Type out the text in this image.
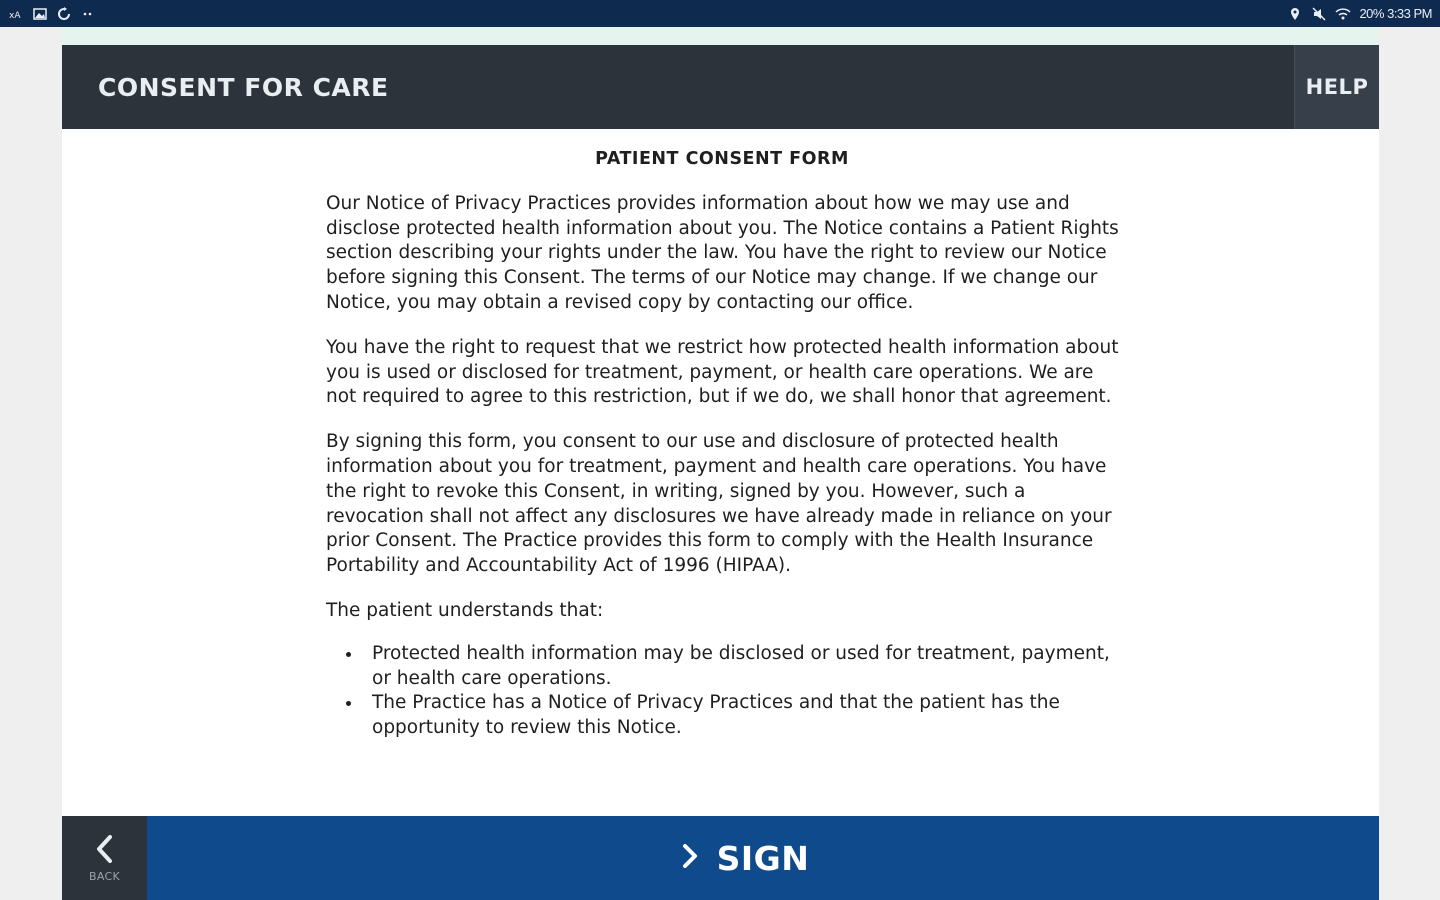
xA	20% 3:33 PM
CONSENT FOR CARE	HELP
PATIENT CONSENT FORM

Our Notice of Privacy Practices provides information about how we may use and disclose protected health information about you. The Notice contains a Patient Rights section describing your rights under the law. You have the right to review our Notice before signing this Consent. The terms of our Notice may change. If we change our Notice, you may obtain a revised copy by contacting our office.

You have the right to request that we restrict how protected health information about you is used or disclosed for treatment, payment, or health care operations. We are not required to agree to this restriction, but if we do, we shall honor that agreement.

By signing this form, you consent to our use and disclosure of protected health information about you for treatment, payment and health care operations. You have the right to revoke this Consent, in writing, signed by you. However, such a revocation shall not affect any disclosures we have already made in reliance on your prior Consent. The Practice provides this form to comply with the Health Insurance Portability and Accountability Act of 1996 (HIPAA).

The patient understands that:

Protected health information may be disclosed or used for treatment, payment, or health care operations.
The Practice has a Notice of Privacy Practices and that the patient has the opportunity to review this Notice.
BACK	SIGN
